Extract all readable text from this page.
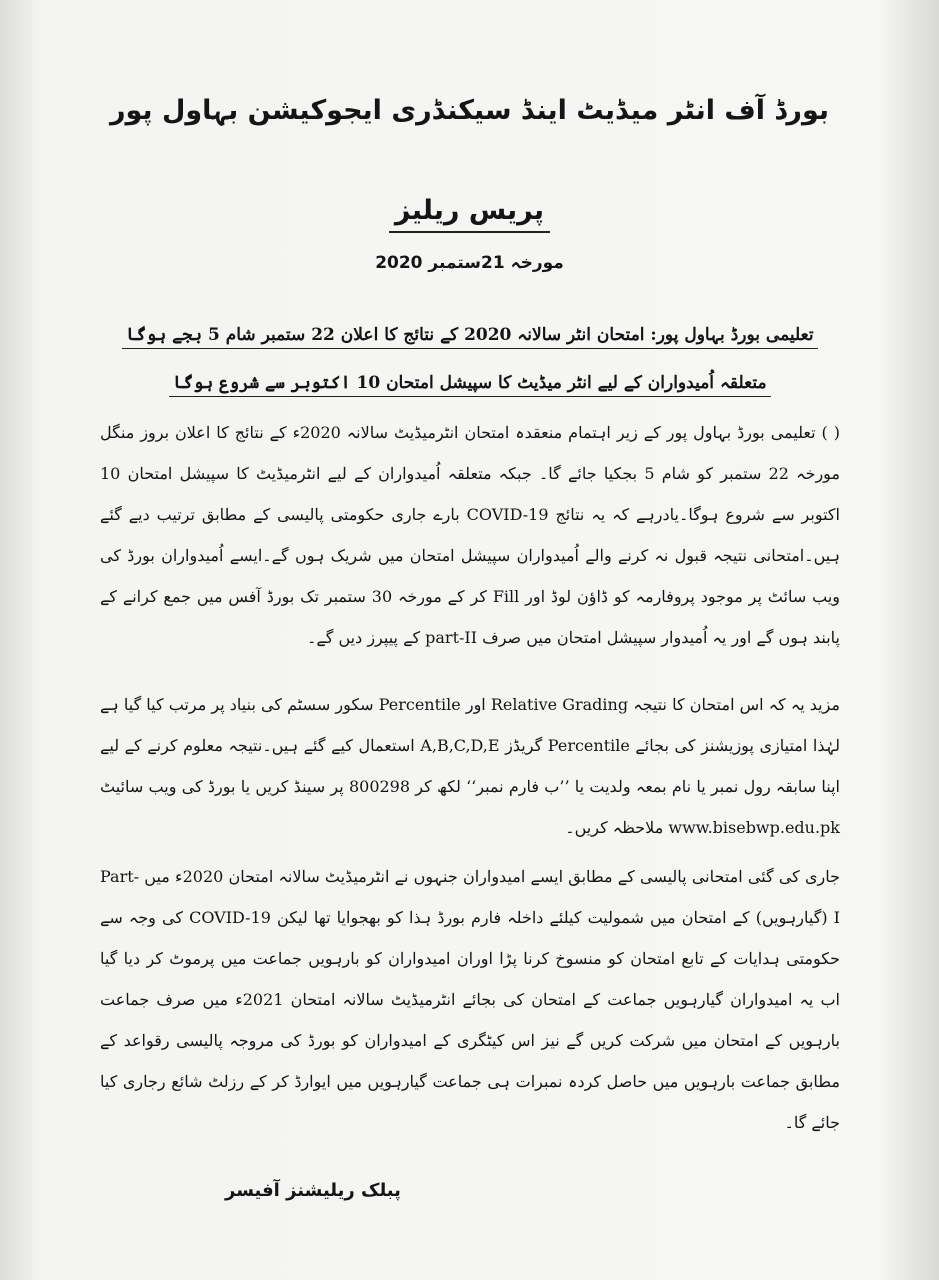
بورڈ آف انٹر میڈیٹ اینڈ سیکنڈری ایجوکیشن بہاول پور
پریس ریلیز
مورخہ 21ستمبر 2020
تعلیمی بورڈ بہاول پور: امتحان انٹر سالانہ 2020 کے نتائج کا اعلان 22 ستمبر شام 5 بجے ہوگا
متعلقہ اُمیدواران کے لیے انٹر میڈیٹ کا سپیشل امتحان 10 اکتوبر سے شروع ہوگا
( ) تعلیمی بورڈ بہاول پور کے زیر اہتمام منعقدہ امتحان انٹرمیڈیٹ سالانہ 2020ء کے نتائج کا اعلان بروز منگل مورخہ 22 ستمبر کو شام 5 بجکیا جائے گا۔ جبکہ متعلقہ اُمیدواران کے لیے انٹرمیڈیٹ کا سپیشل امتحان 10 اکتوبر سے شروع ہوگا۔یادرہے کہ یہ نتائج COVID-19 بارے جاری حکومتی پالیسی کے مطابق ترتیب دیے گئے ہیں۔امتحانی نتیجہ قبول نہ کرنے والے اُمیدواران سپیشل امتحان میں شریک ہوں گے۔ایسے اُمیدواران بورڈ کی ویب سائٹ پر موجود پروفارمہ کو ڈاؤن لوڈ اور Fill کر کے مورخہ 30 ستمبر تک بورڈ آفس میں جمع کرانے کے پابند ہوں گے اور یہ اُمیدوار سپیشل امتحان میں صرف part-II کے پیپرز دیں گے۔
مزید یہ کہ اس امتحان کا نتیجہ Relative Grading اور Percentile سکور سسٹم کی بنیاد پر مرتب کیا گیا ہے لہٰذا امتیازی پوزیشنز کی بجائے Percentile گریڈز A,B,C,D,E استعمال کیے گئے ہیں۔نتیجہ معلوم کرنے کے لیے اپنا سابقہ رول نمبر یا نام بمعہ ولدیت یا ’’ب فارم نمبر‘‘ لکھ کر 800298 پر سینڈ کریں یا بورڈ کی ویب سائیٹ www.bisebwp.edu.pk ملاحظہ کریں۔
جاری کی گئی امتحانی پالیسی کے مطابق ایسے امیدواران جنہوں نے انٹرمیڈیٹ سالانہ امتحان 2020ء میں Part-I (گیارہویں) کے امتحان میں شمولیت کیلئے داخلہ فارم بورڈ ہذا کو بھجوایا تھا لیکن COVID-19 کی وجہ سے حکومتی ہدایات کے تابع امتحان کو منسوخ کرنا پڑا اوران امیدواران کو بارہویں جماعت میں پرموٹ کر دیا گیا اب یہ امیدواران گیارہویں جماعت کے امتحان کی بجائے انٹرمیڈیٹ سالانہ امتحان 2021ء میں صرف جماعت بارہویں کے امتحان میں شرکت کریں گے نیز اس کیٹگری کے امیدواران کو بورڈ کی مروجہ پالیسی رقواعد کے مطابق جماعت بارہویں میں حاصل کردہ نمبرات ہی جماعت گیارہویں میں ایوارڈ کر کے رزلٹ شائع رجاری کیا جائے گا۔
پبلک ریلیشنز آفیسر
